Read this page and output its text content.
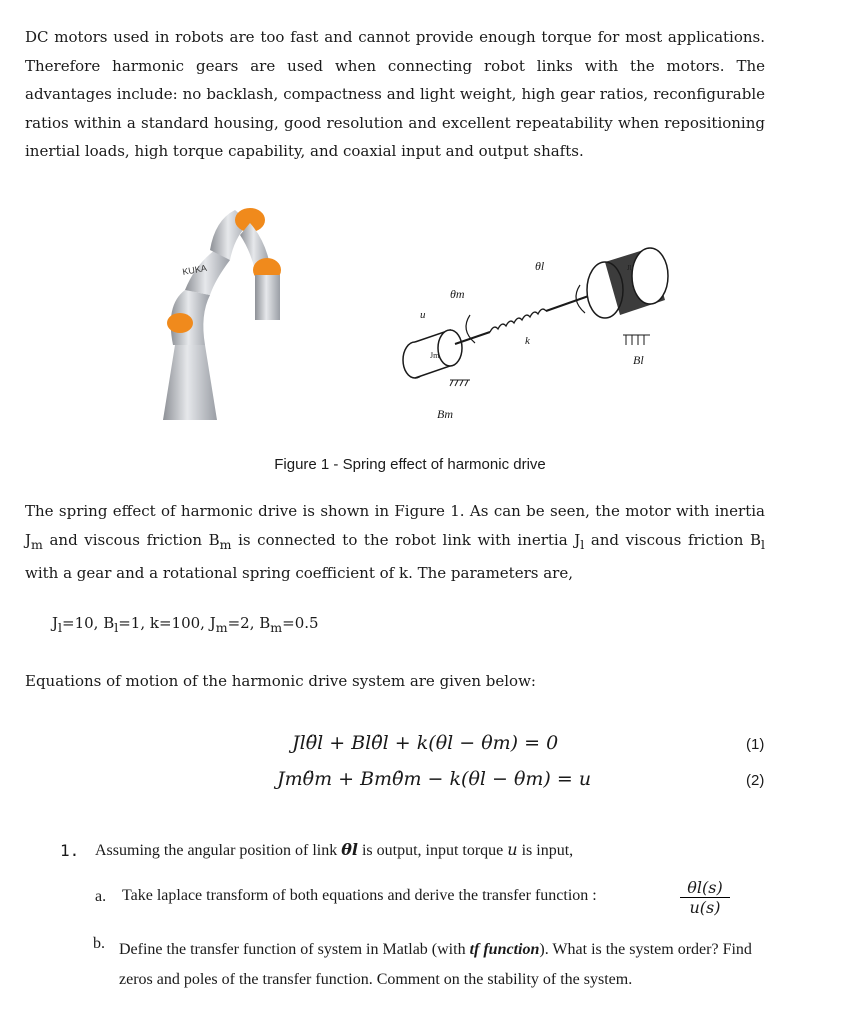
DC motors used in robots are too fast and cannot provide enough torque for most applications. Therefore harmonic gears are used when connecting robot links with the motors. The advantages include: no backlash, compactness and light weight, high gear ratios, reconfigurable ratios within a standard housing, good resolution and excellent repeatability when repositioning inertial loads, high torque capability, and coaxial input and output shafts.

KUKA
Jm
Jl
θm
u
θl
k
Bl
Bm
Figure 1 - Spring effect of harmonic drive

The spring effect of harmonic drive is shown in Figure 1. As can be seen, the motor with inertia $J_m$ and viscous friction $B_m$ is connected to the robot link with inertia $J_l$ and viscous friction $B_l$ with a gear and a rotational spring coefficient of k. The parameters are,

$J_l=10$, $B_l=1$, k=100, $J_m=2$, $B_m=0.5$
Equations of motion of the harmonic drive system are given below:
Jlθ̈l + Blθ̇l + k(θl − θm) = 0	(1)
Jmθ̈m + Bmθ̇m − k(θl − θm) = u	(2)
1. Assuming the angular position of link θl is output, input torque u is input,
a. Take laplace transform of both equations and derive the transfer function :	$\frac{\theta l(s)}{u(s)}$
b. Define the transfer function of system in Matlab (with tf function). What is the system order? Find zeros and poles of the transfer function. Comment on the stability of the system.
